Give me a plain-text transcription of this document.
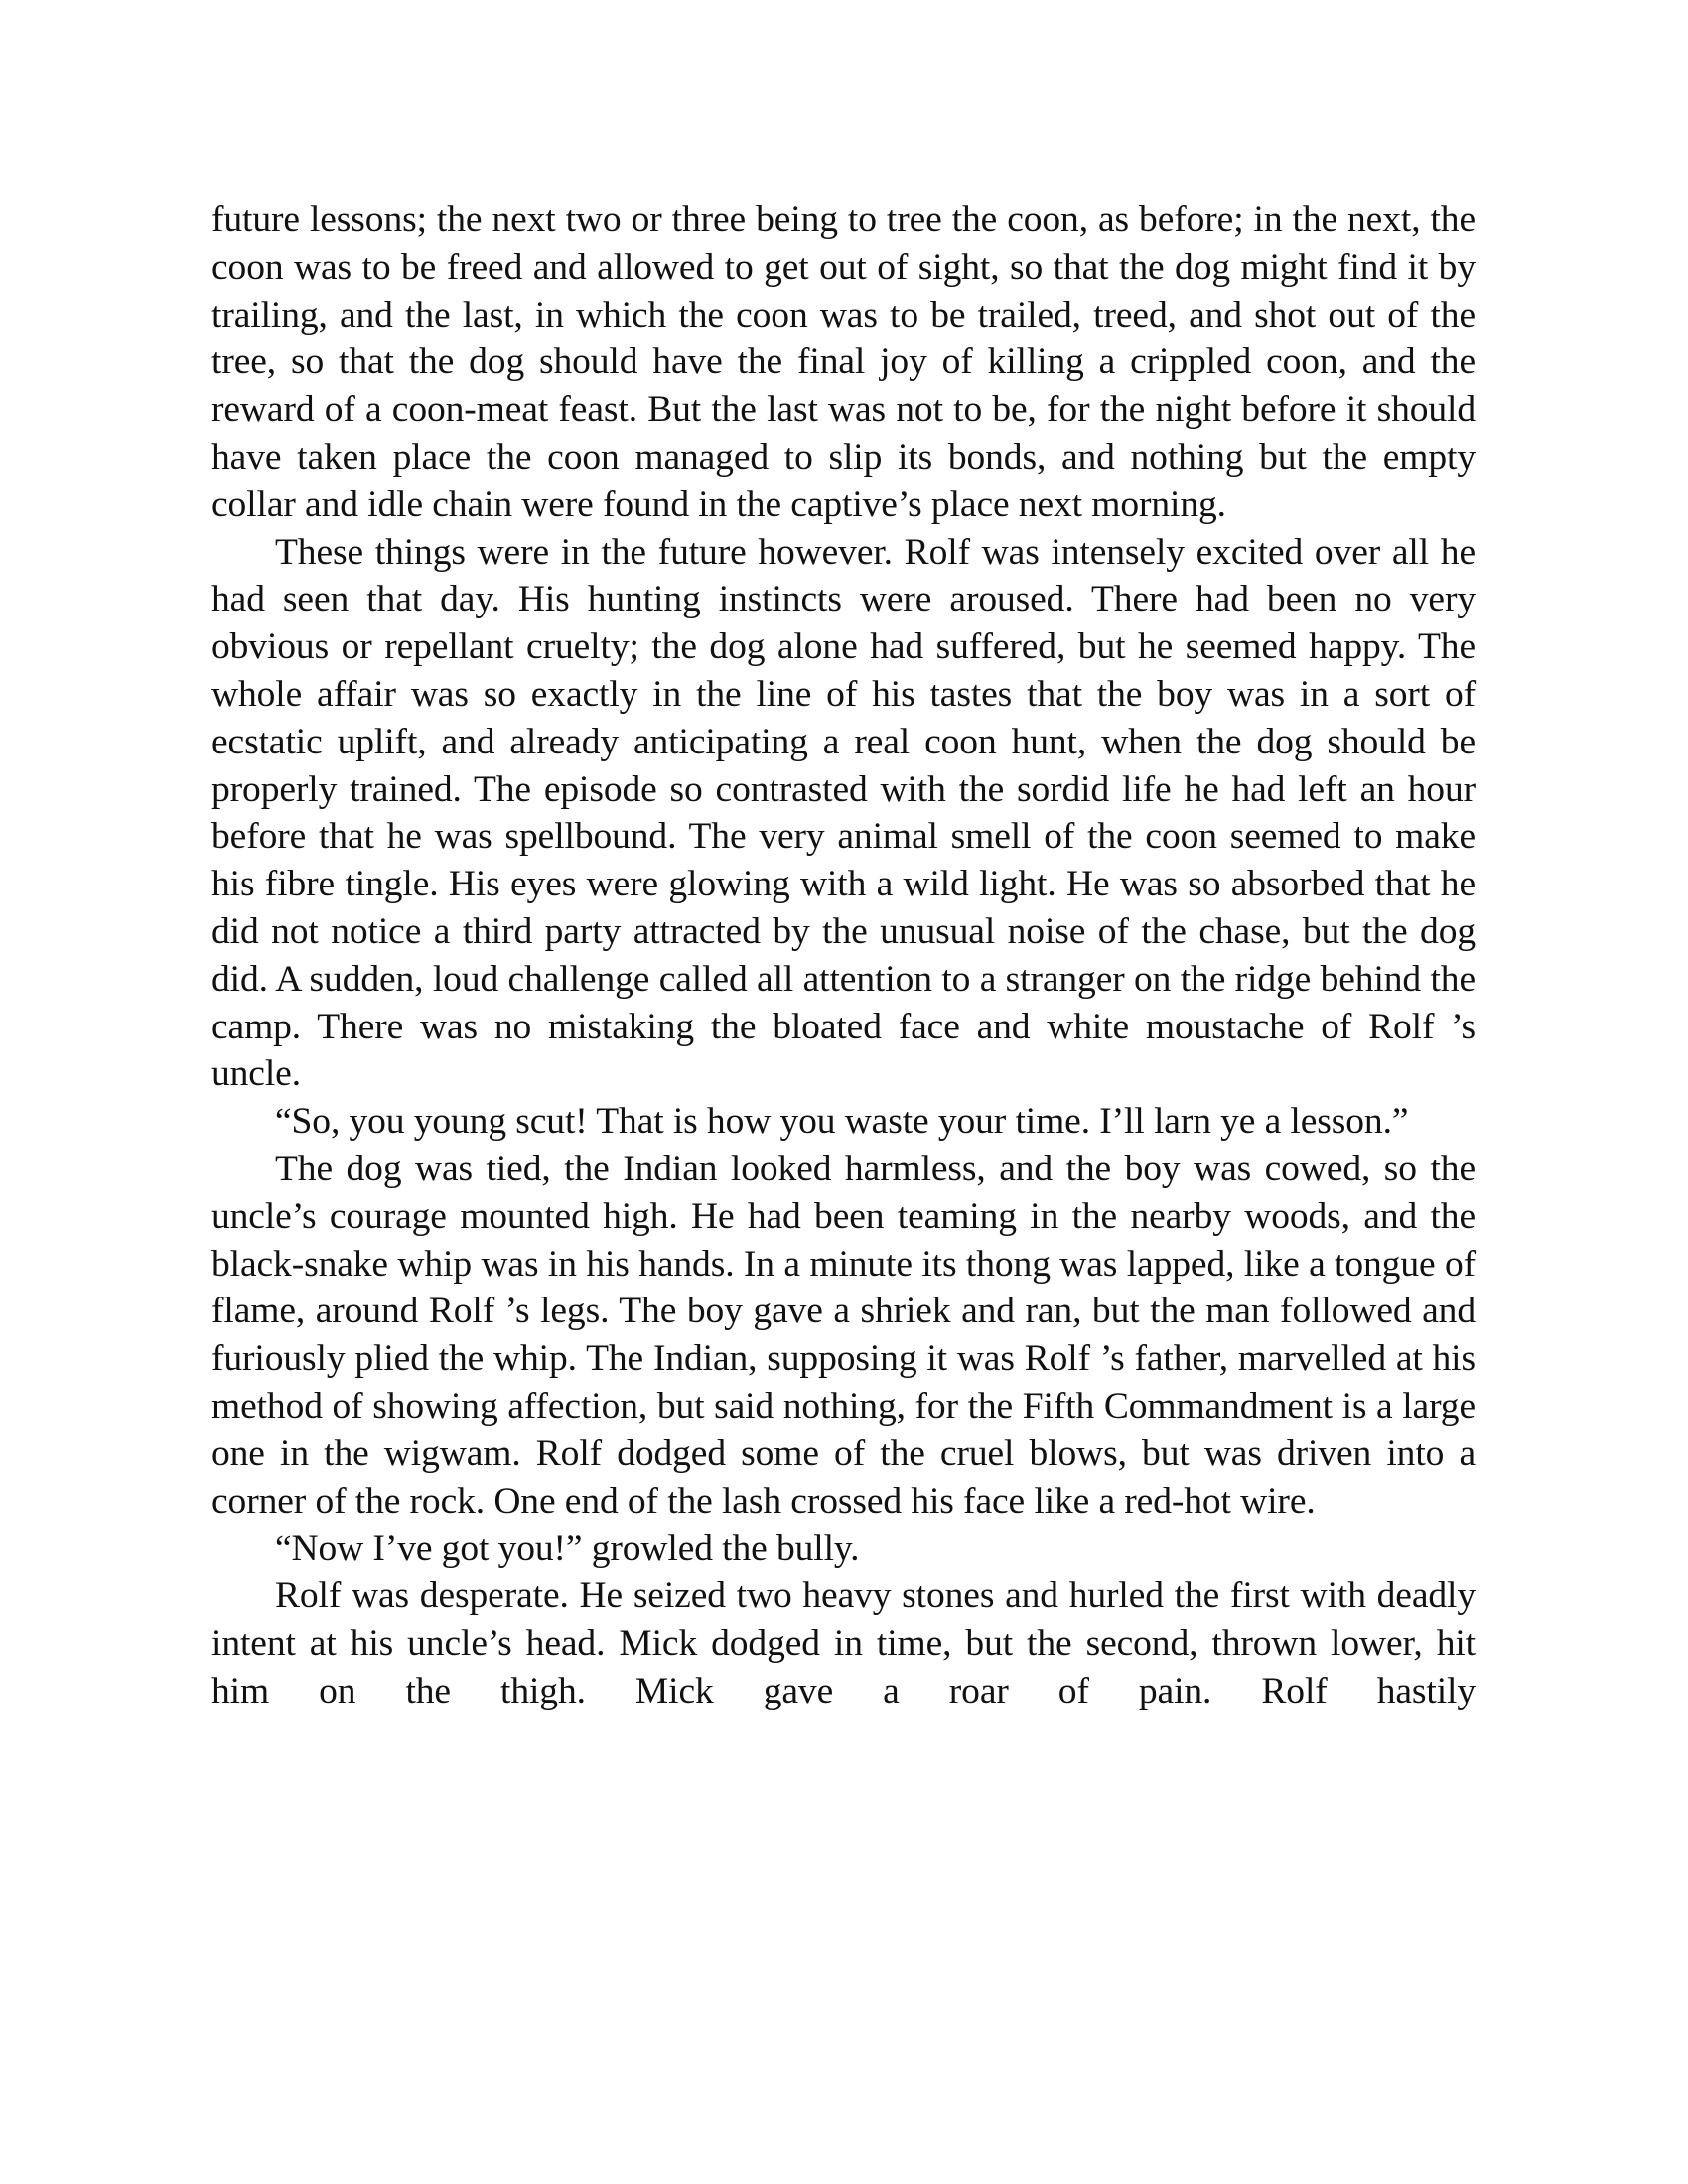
future lessons; the next two or three being to tree the coon, as before; in the next, the coon was to be freed and allowed to get out of sight, so that the dog might find it by trailing, and the last, in which the coon was to be trailed, treed, and shot out of the tree, so that the dog should have the final joy of killing a crippled coon, and the reward of a coon-meat feast. But the last was not to be, for the night before it should have taken place the coon managed to slip its bonds, and nothing but the empty collar and idle chain were found in the captive’s place next morning.

These things were in the future however. Rolf was intensely excited over all he had seen that day. His hunting instincts were aroused. There had been no very obvious or repellant cruelty; the dog alone had suffered, but he seemed happy. The whole affair was so exactly in the line of his tastes that the boy was in a sort of ecstatic uplift, and already anticipating a real coon hunt, when the dog should be properly trained. The episode so contrasted with the sordid life he had left an hour before that he was spellbound. The very animal smell of the coon seemed to make his fibre tingle. His eyes were glowing with a wild light. He was so absorbed that he did not notice a third party attracted by the unusual noise of the chase, but the dog did. A sudden, loud challenge called all attention to a stranger on the ridge behind the camp. There was no mistaking the bloated face and white moustache of Rolf ’s uncle.

“So, you young scut! That is how you waste your time. I’ll larn ye a lesson.”

The dog was tied, the Indian looked harmless, and the boy was cowed, so the uncle’s courage mounted high. He had been teaming in the nearby woods, and the black-snake whip was in his hands. In a minute its thong was lapped, like a tongue of flame, around Rolf ’s legs. The boy gave a shriek and ran, but the man followed and furiously plied the whip. The Indian, supposing it was Rolf ’s father, marvelled at his method of showing affection, but said nothing, for the Fifth Commandment is a large one in the wigwam. Rolf dodged some of the cruel blows, but was driven into a corner of the rock. One end of the lash crossed his face like a red-hot wire.

“Now I’ve got you!” growled the bully.

Rolf was desperate. He seized two heavy stones and hurled the first with deadly intent at his uncle’s head. Mick dodged in time, but the second, thrown lower, hit him on the thigh. Mick gave a roar of pain. Rolf hastily
